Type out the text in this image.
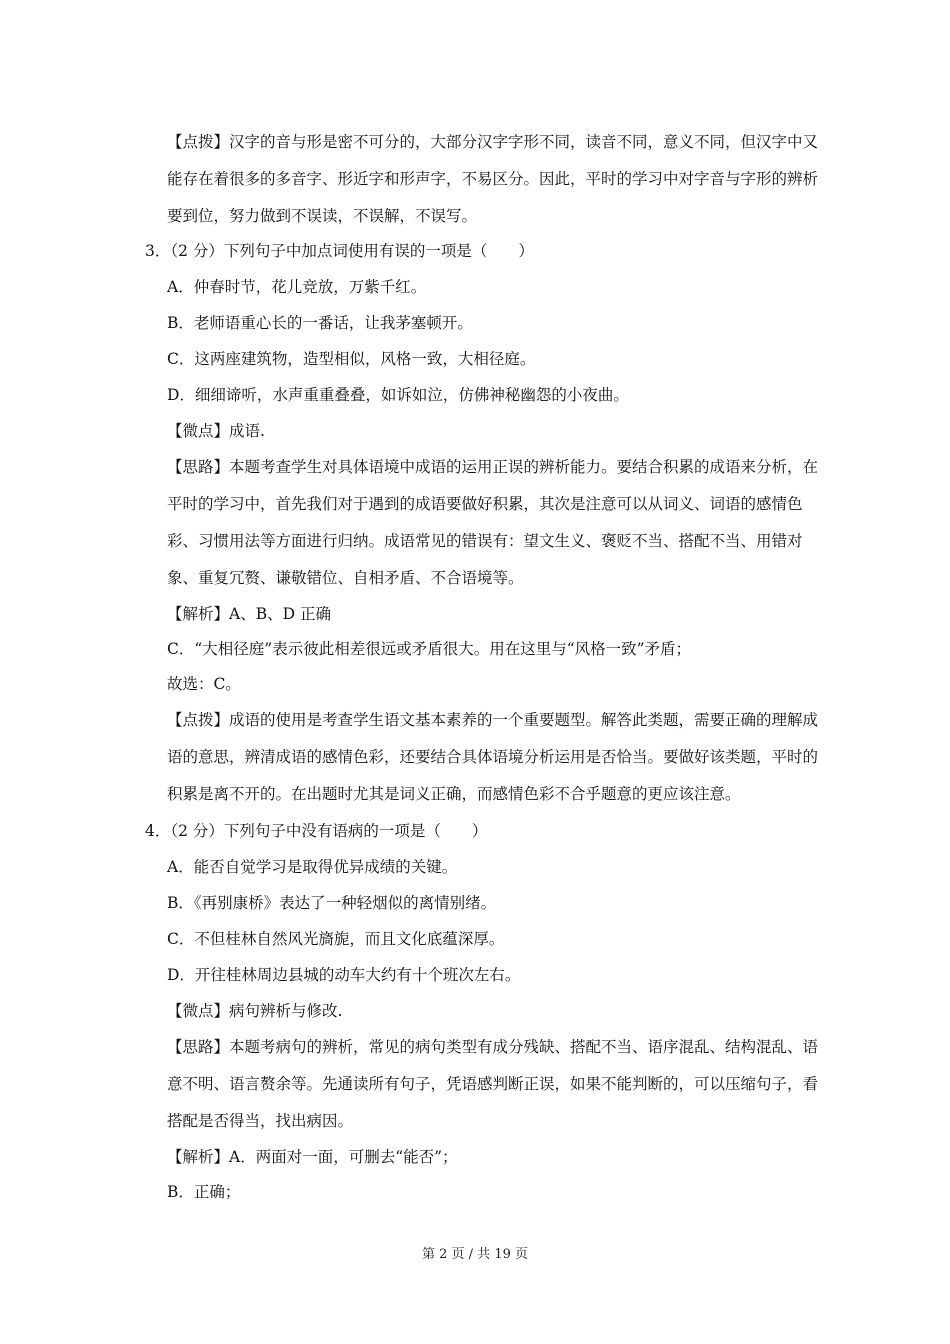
【点拨】汉字的音与形是密不可分的，大部分汉字字形不同，读音不同，意义不同，但汉字中又能存在着很多的多音字、形近字和形声字，不易区分。因此，平时的学习中对字音与字形的辨析要到位，努力做到不误读，不误解，不误写。

3．（2 分）下列句子中加点词使用有误的一项是（　　）

A．仲春时节，花儿竞放，万紫千红。

B．老师语重心长的一番话，让我茅塞顿开。

C．这两座建筑物，造型相似，风格一致，大相径庭。

D．细细谛听，水声重重叠叠，如诉如泣，仿佛神秘幽怨的小夜曲。

【微点】成语.

【思路】本题考查学生对具体语境中成语的运用正误的辨析能力。要结合积累的成语来分析，在平时的学习中，首先我们对于遇到的成语要做好积累，其次是注意可以从词义、词语的感情色彩、习惯用法等方面进行归纳。成语常见的错误有：望文生义、褒贬不当、搭配不当、用错对象、重复冗赘、谦敬错位、自相矛盾、不合语境等。

【解析】A、B、D 正确

C．“大相径庭”表示彼此相差很远或矛盾很大。用在这里与“风格一致”矛盾；

故选：C。

【点拨】成语的使用是考查学生语文基本素养的一个重要题型。解答此类题，需要正确的理解成语的意思，辨清成语的感情色彩，还要结合具体语境分析运用是否恰当。要做好该类题，平时的积累是离不开的。在出题时尤其是词义正确，而感情色彩不合乎题意的更应该注意。

4．（2 分）下列句子中没有语病的一项是（　　）

A．能否自觉学习是取得优异成绩的关键。

B．《再别康桥》表达了一种轻烟似的离情别绪。

C．不但桂林自然风光旖旎，而且文化底蕴深厚。

D．开往桂林周边县城的动车大约有十个班次左右。

【微点】病句辨析与修改.

【思路】本题考病句的辨析，常见的病句类型有成分残缺、搭配不当、语序混乱、结构混乱、语意不明、语言赘余等。先通读所有句子，凭语感判断正误，如果不能判断的，可以压缩句子，看搭配是否得当，找出病因。

【解析】A．两面对一面，可删去“能否”；

B．正确；

第 2 页 / 共 19 页
